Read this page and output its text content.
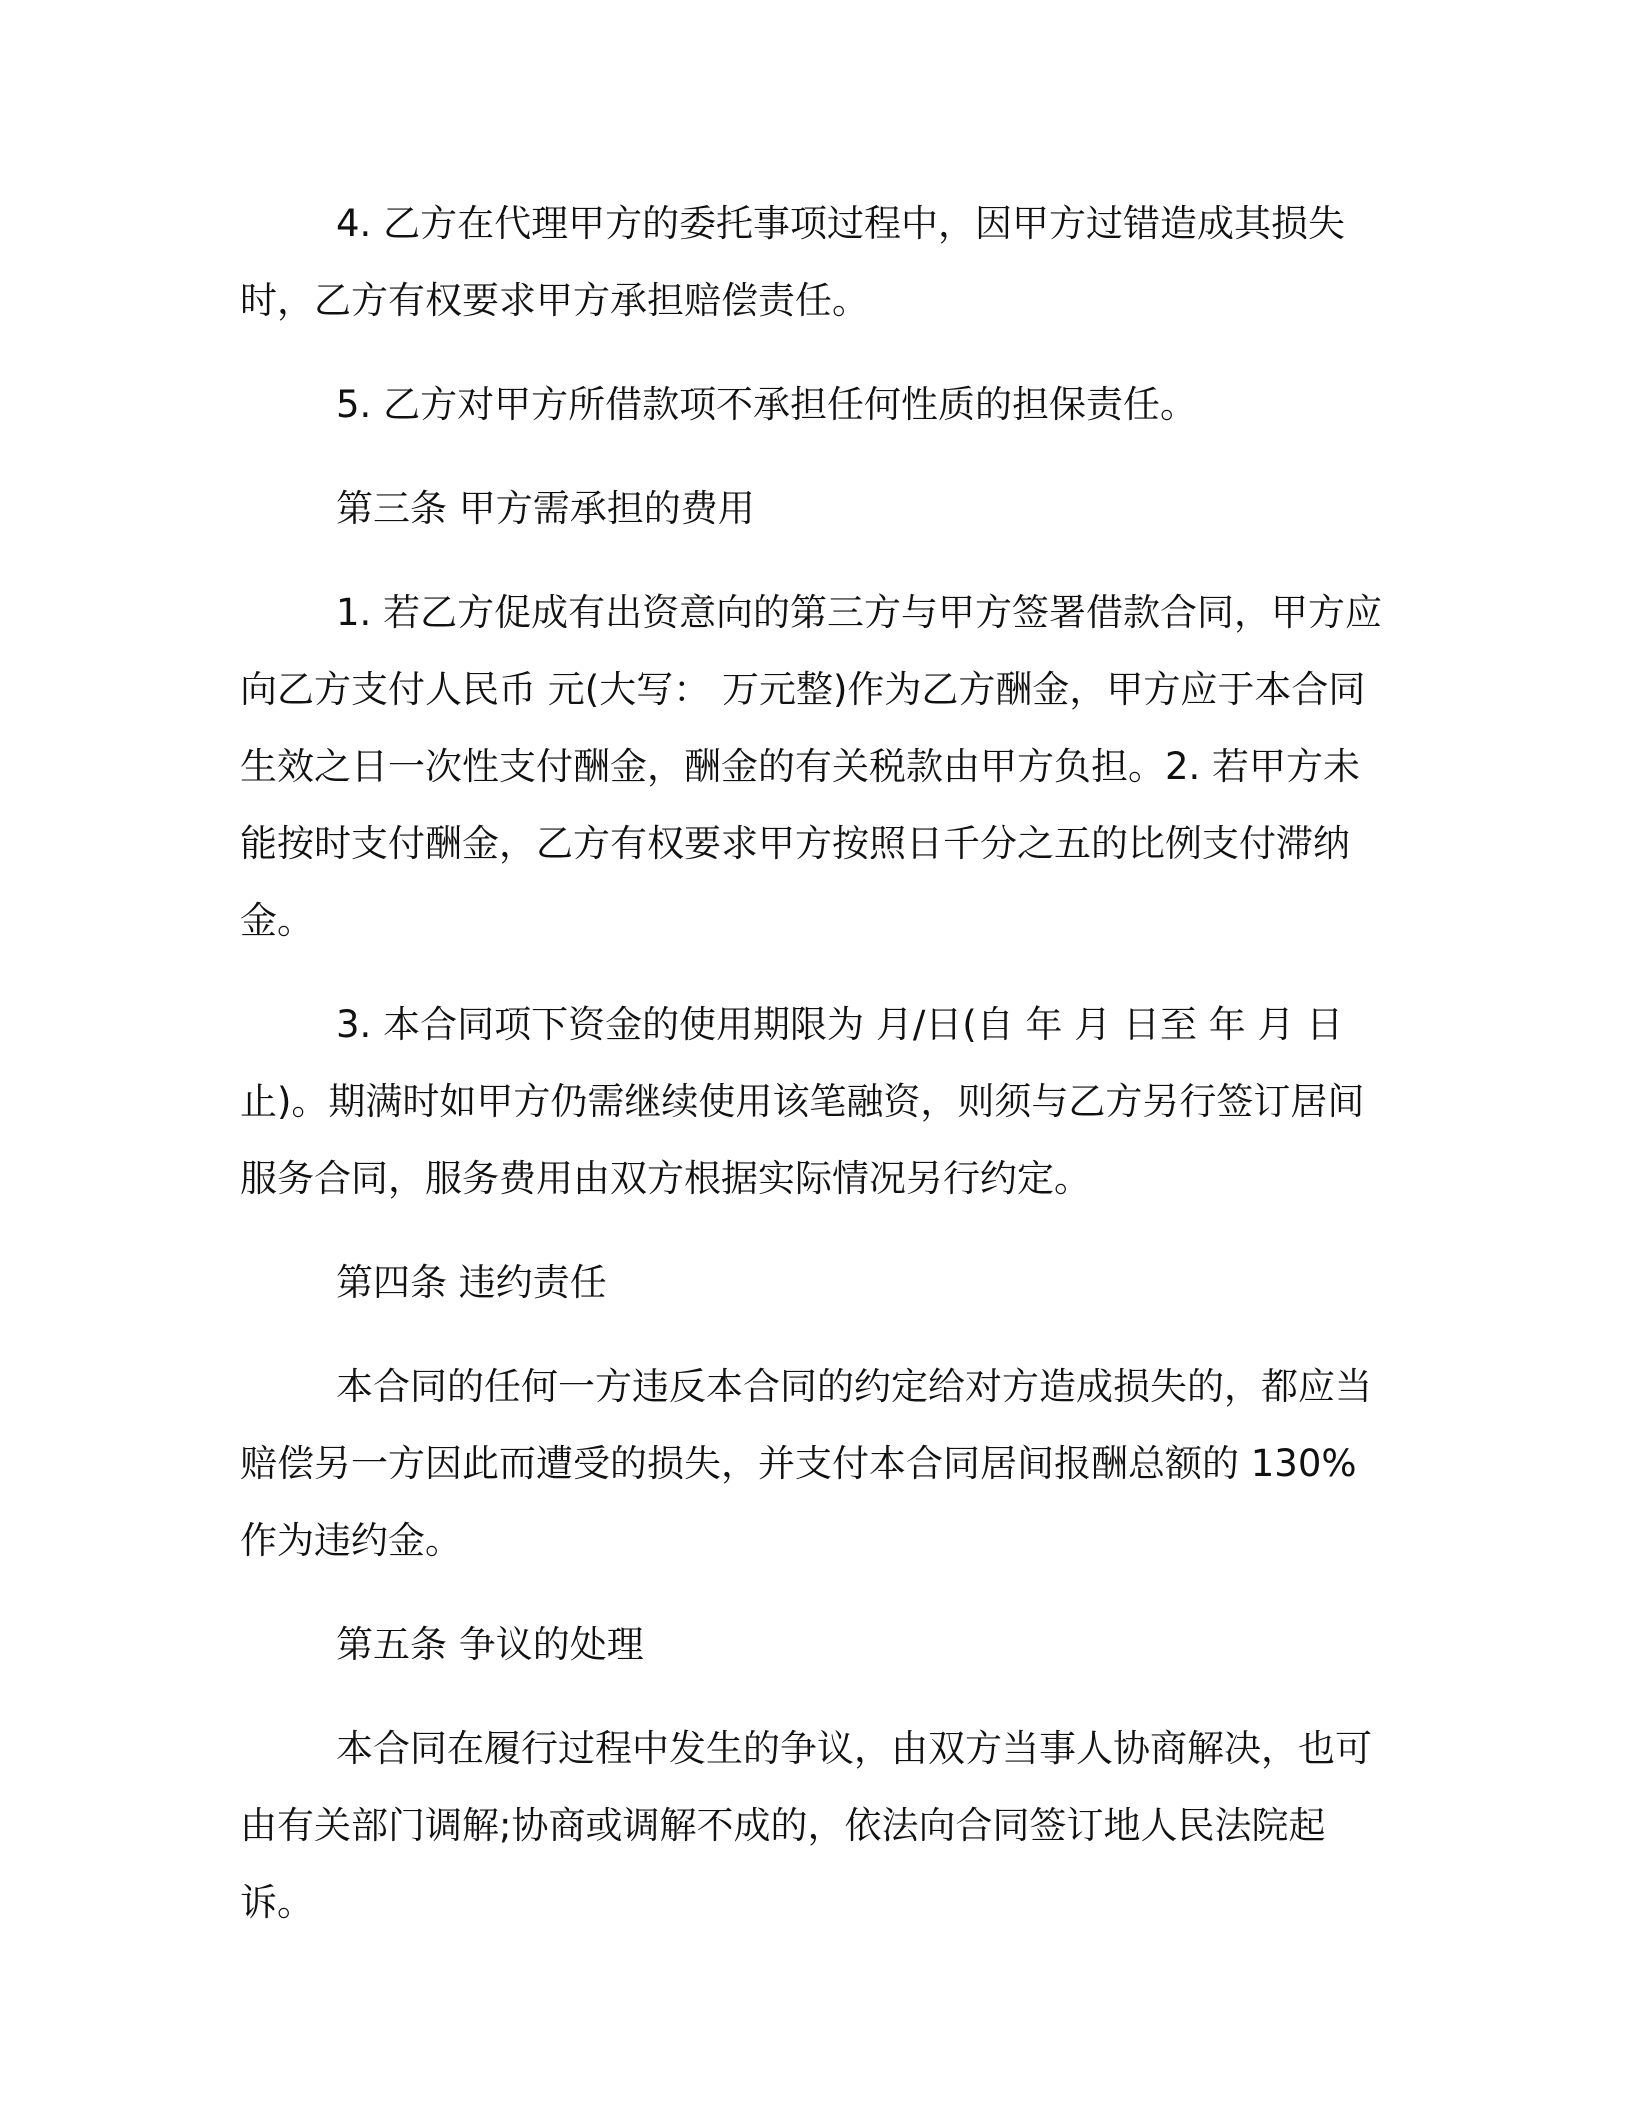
4. 乙方在代理甲方的委托事项过程中，因甲方过错造成其损失时，乙方有权要求甲方承担赔偿责任。

5. 乙方对甲方所借款项不承担任何性质的担保责任。

第三条 甲方需承担的费用

1. 若乙方促成有出资意向的第三方与甲方签署借款合同，甲方应向乙方支付人民币 元(大写： 万元整)作为乙方酬金，甲方应于本合同生效之日一次性支付酬金，酬金的有关税款由甲方负担。2. 若甲方未能按时支付酬金，乙方有权要求甲方按照日千分之五的比例支付滞纳金。

3. 本合同项下资金的使用期限为 月/日(自 年 月 日至 年 月 日止)。期满时如甲方仍需继续使用该笔融资，则须与乙方另行签订居间服务合同，服务费用由双方根据实际情况另行约定。

第四条 违约责任

本合同的任何一方违反本合同的约定给对方造成损失的，都应当赔偿另一方因此而遭受的损失，并支付本合同居间报酬总额的 130% 作为违约金。

第五条 争议的处理

本合同在履行过程中发生的争议，由双方当事人协商解决，也可由有关部门调解;协商或调解不成的，依法向合同签订地人民法院起诉。
